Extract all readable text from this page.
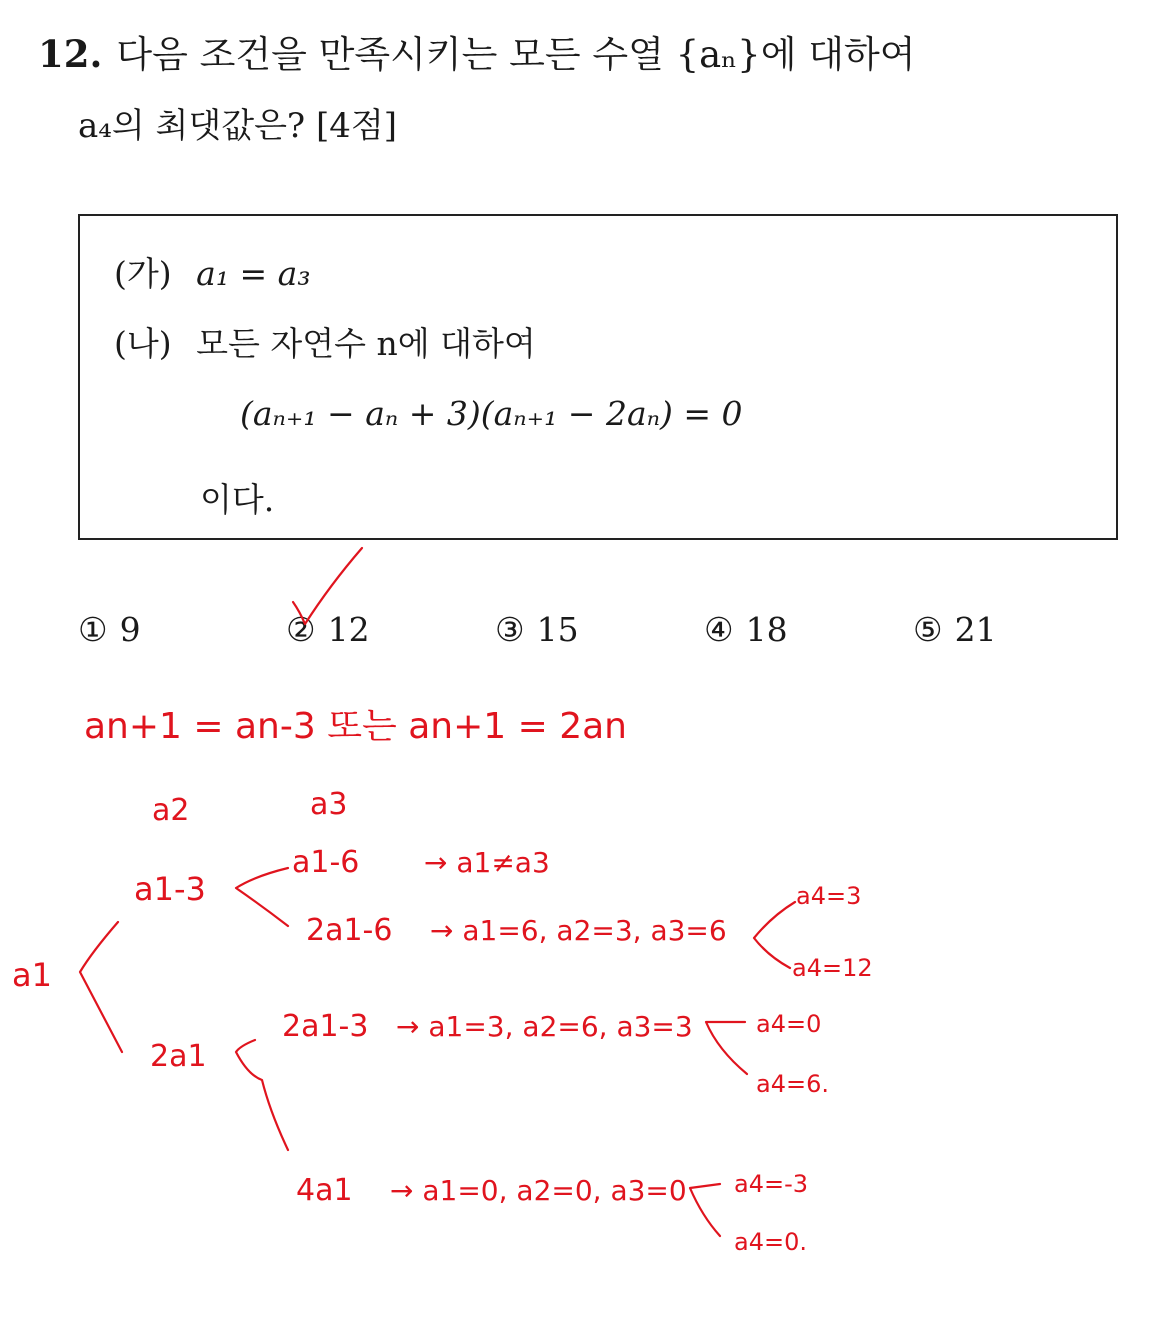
12. 다음 조건을 만족시키는 모든 수열 {aₙ}에 대하여
a₄의 최댓값은? [4점]
(가) a₁ = a₃
(나) 모든 자연수 n에 대하여
(aₙ₊₁ − aₙ + 3)(aₙ₊₁ − 2aₙ) = 0
이다.
① 9	② 12	③ 15	④ 18	⑤ 21
an+1 = an-3 또는 an+1 = 2an
a2	a3
a1
a1-3
a1-6 → a1≠a3
2a1-6 → a1=6, a2=3, a3=6
a4=3
a4=12
2a1
2a1-3 → a1=3, a2=6, a3=3	a4=0
a4=6.
4a1 → a1=0, a2=0, a3=0 a4=-3
a4=0.
